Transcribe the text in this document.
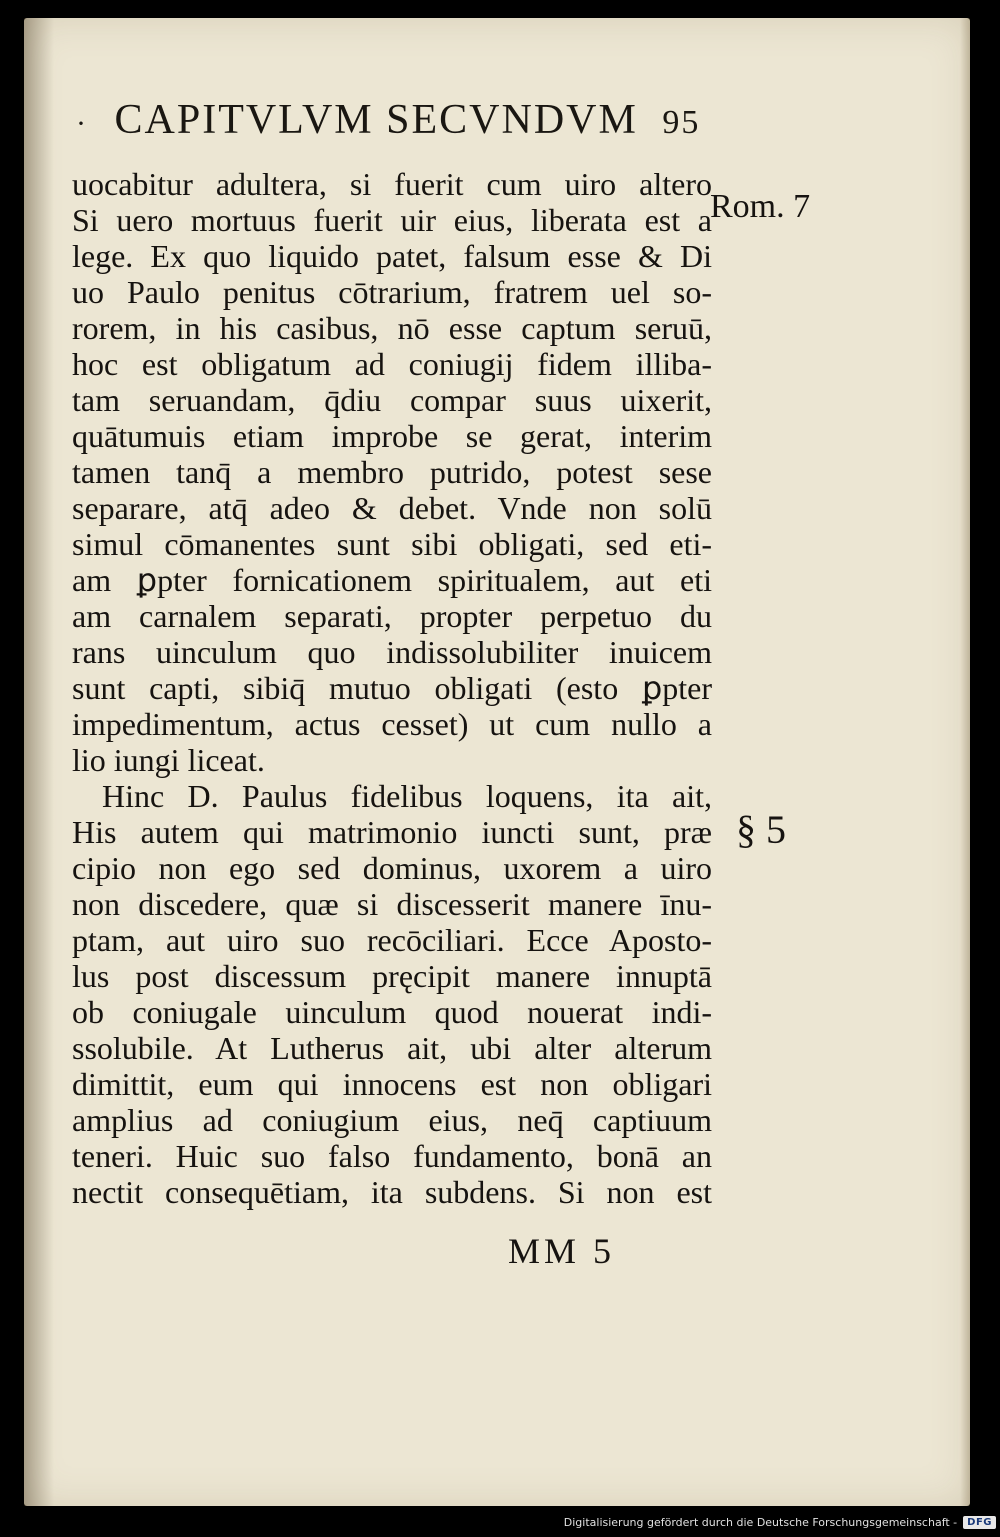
· CAPITVLVM SECVNDVM 95
uocabitur adultera, si fuerit cum uiro altero
Si uero mortuus fuerit uir eius, liberata est a
lege. Ex quo liquido patet, falsum esse & Di
uo Paulo penitus cōtrarium, fratrem uel so-
rorem, in his casibus, nō esse captum seruū,
hoc est obligatum ad coniugij fidem illiba-
tam seruandam, q̄diu compar suus uixerit,
quātumuis etiam improbe se gerat, interim
tamen tanq̄ a membro putrido, potest sese
separare, atq̄ adeo & debet. Vnde non solū
simul cōmanentes sunt sibi obligati, sed eti-
am ꝑpter fornicationem spiritualem, aut eti
am carnalem separati, propter perpetuo du
rans uinculum quo indissolubiliter inuicem
sunt capti, sibiq̄ mutuo obligati (esto ꝑpter
impedimentum, actus cesset) ut cum nullo a
lio iungi liceat.
Hinc D. Paulus fidelibus loquens, ita ait,
His autem qui matrimonio iuncti sunt, præ
cipio non ego sed dominus, uxorem a uiro
non discedere, quæ si discesserit manere īnu-
ptam, aut uiro suo recōciliari. Ecce Aposto-
lus post discessum pręcipit manere innuptā
ob coniugale uinculum quod nouerat indi-
ssolubile. At Lutherus ait, ubi alter alterum
dimittit, eum qui innocens est non obligari
amplius ad coniugium eius, neq̄ captiuum
teneri. Huic suo falso fundamento, bonā an
nectit consequētiam, ita subdens. Si non est
Rom. 7
§ 5
MM 5
Digitalisierung gefördert durch die Deutsche Forschungsgemeinschaft -	DFG
